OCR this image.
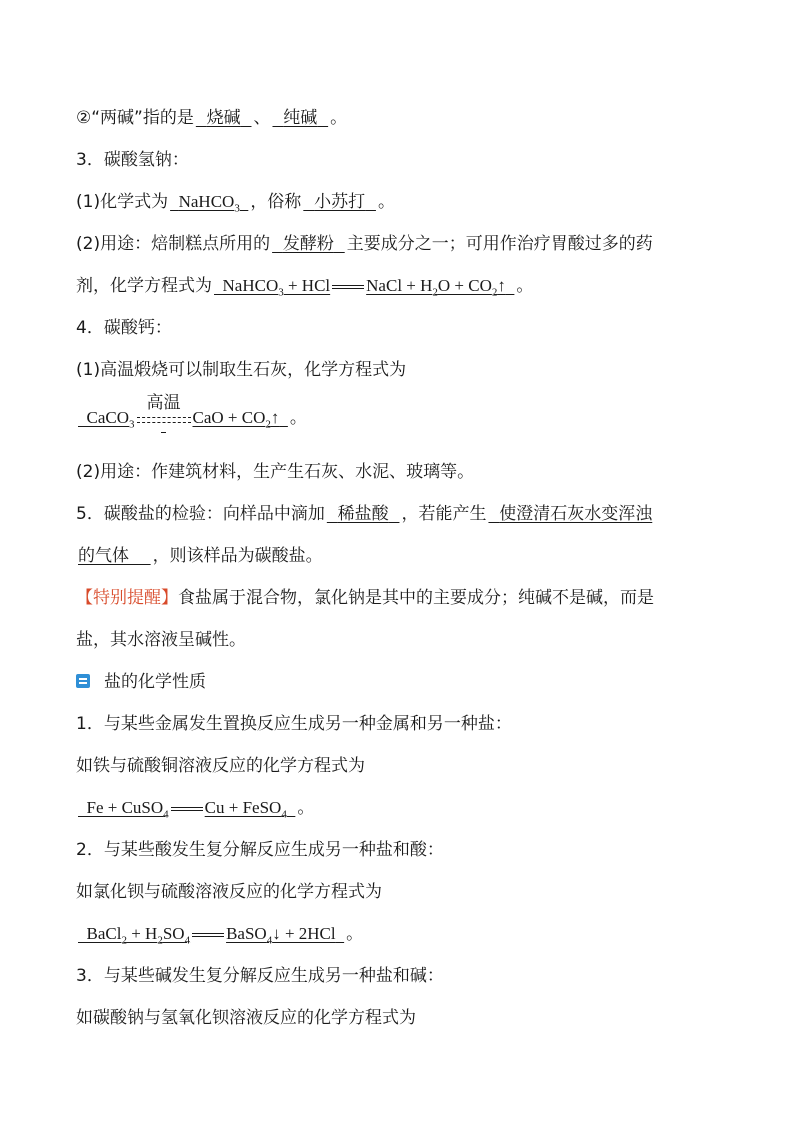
②“两碱”指的是 烧碱 、 纯碱 。
3．碳酸氢钠：
(1)化学式为 NaHCO$_3$ ，俗称 小苏打 。
(2)用途：焙制糕点所用的 发酵粉 主要成分之一；可用作治疗胃酸过多的药
剂，化学方程式为 NaHCO$_3$ + HCl NaCl + $H_2O$ + $CO_2↑$ 。
4．碳酸钙：
(1)高温煅烧可以制取生石灰，化学方程式为
CaCO$_3$
高温
CaO + $CO_2↑$ 。
(2)用途：作建筑材料，生产生石灰、水泥、玻璃等。
5．碳酸盐的检验：向样品中滴加 稀盐酸 ，若能产生 使澄清石灰水变浑浊
的气体 ，则该样品为碳酸盐。
【特别提醒】食盐属于混合物，氯化钠是其中的主要成分；纯碱不是碱，而是
盐，其水溶液呈碱性。
盐的化学性质
1．与某些金属发生置换反应生成另一种金属和另一种盐：
如铁与硫酸铜溶液反应的化学方程式为
Fe + CuSO$_4$ Cu + FeSO$_4$ 。
2．与某些酸发生复分解反应生成另一种盐和酸：
如氯化钡与硫酸溶液反应的化学方程式为
BaCl$_2$ + $H_2SO_4$ BaSO$_4$↓ + 2HCl 。
3．与某些碱发生复分解反应生成另一种盐和碱：
如碳酸钠与氢氧化钡溶液反应的化学方程式为
